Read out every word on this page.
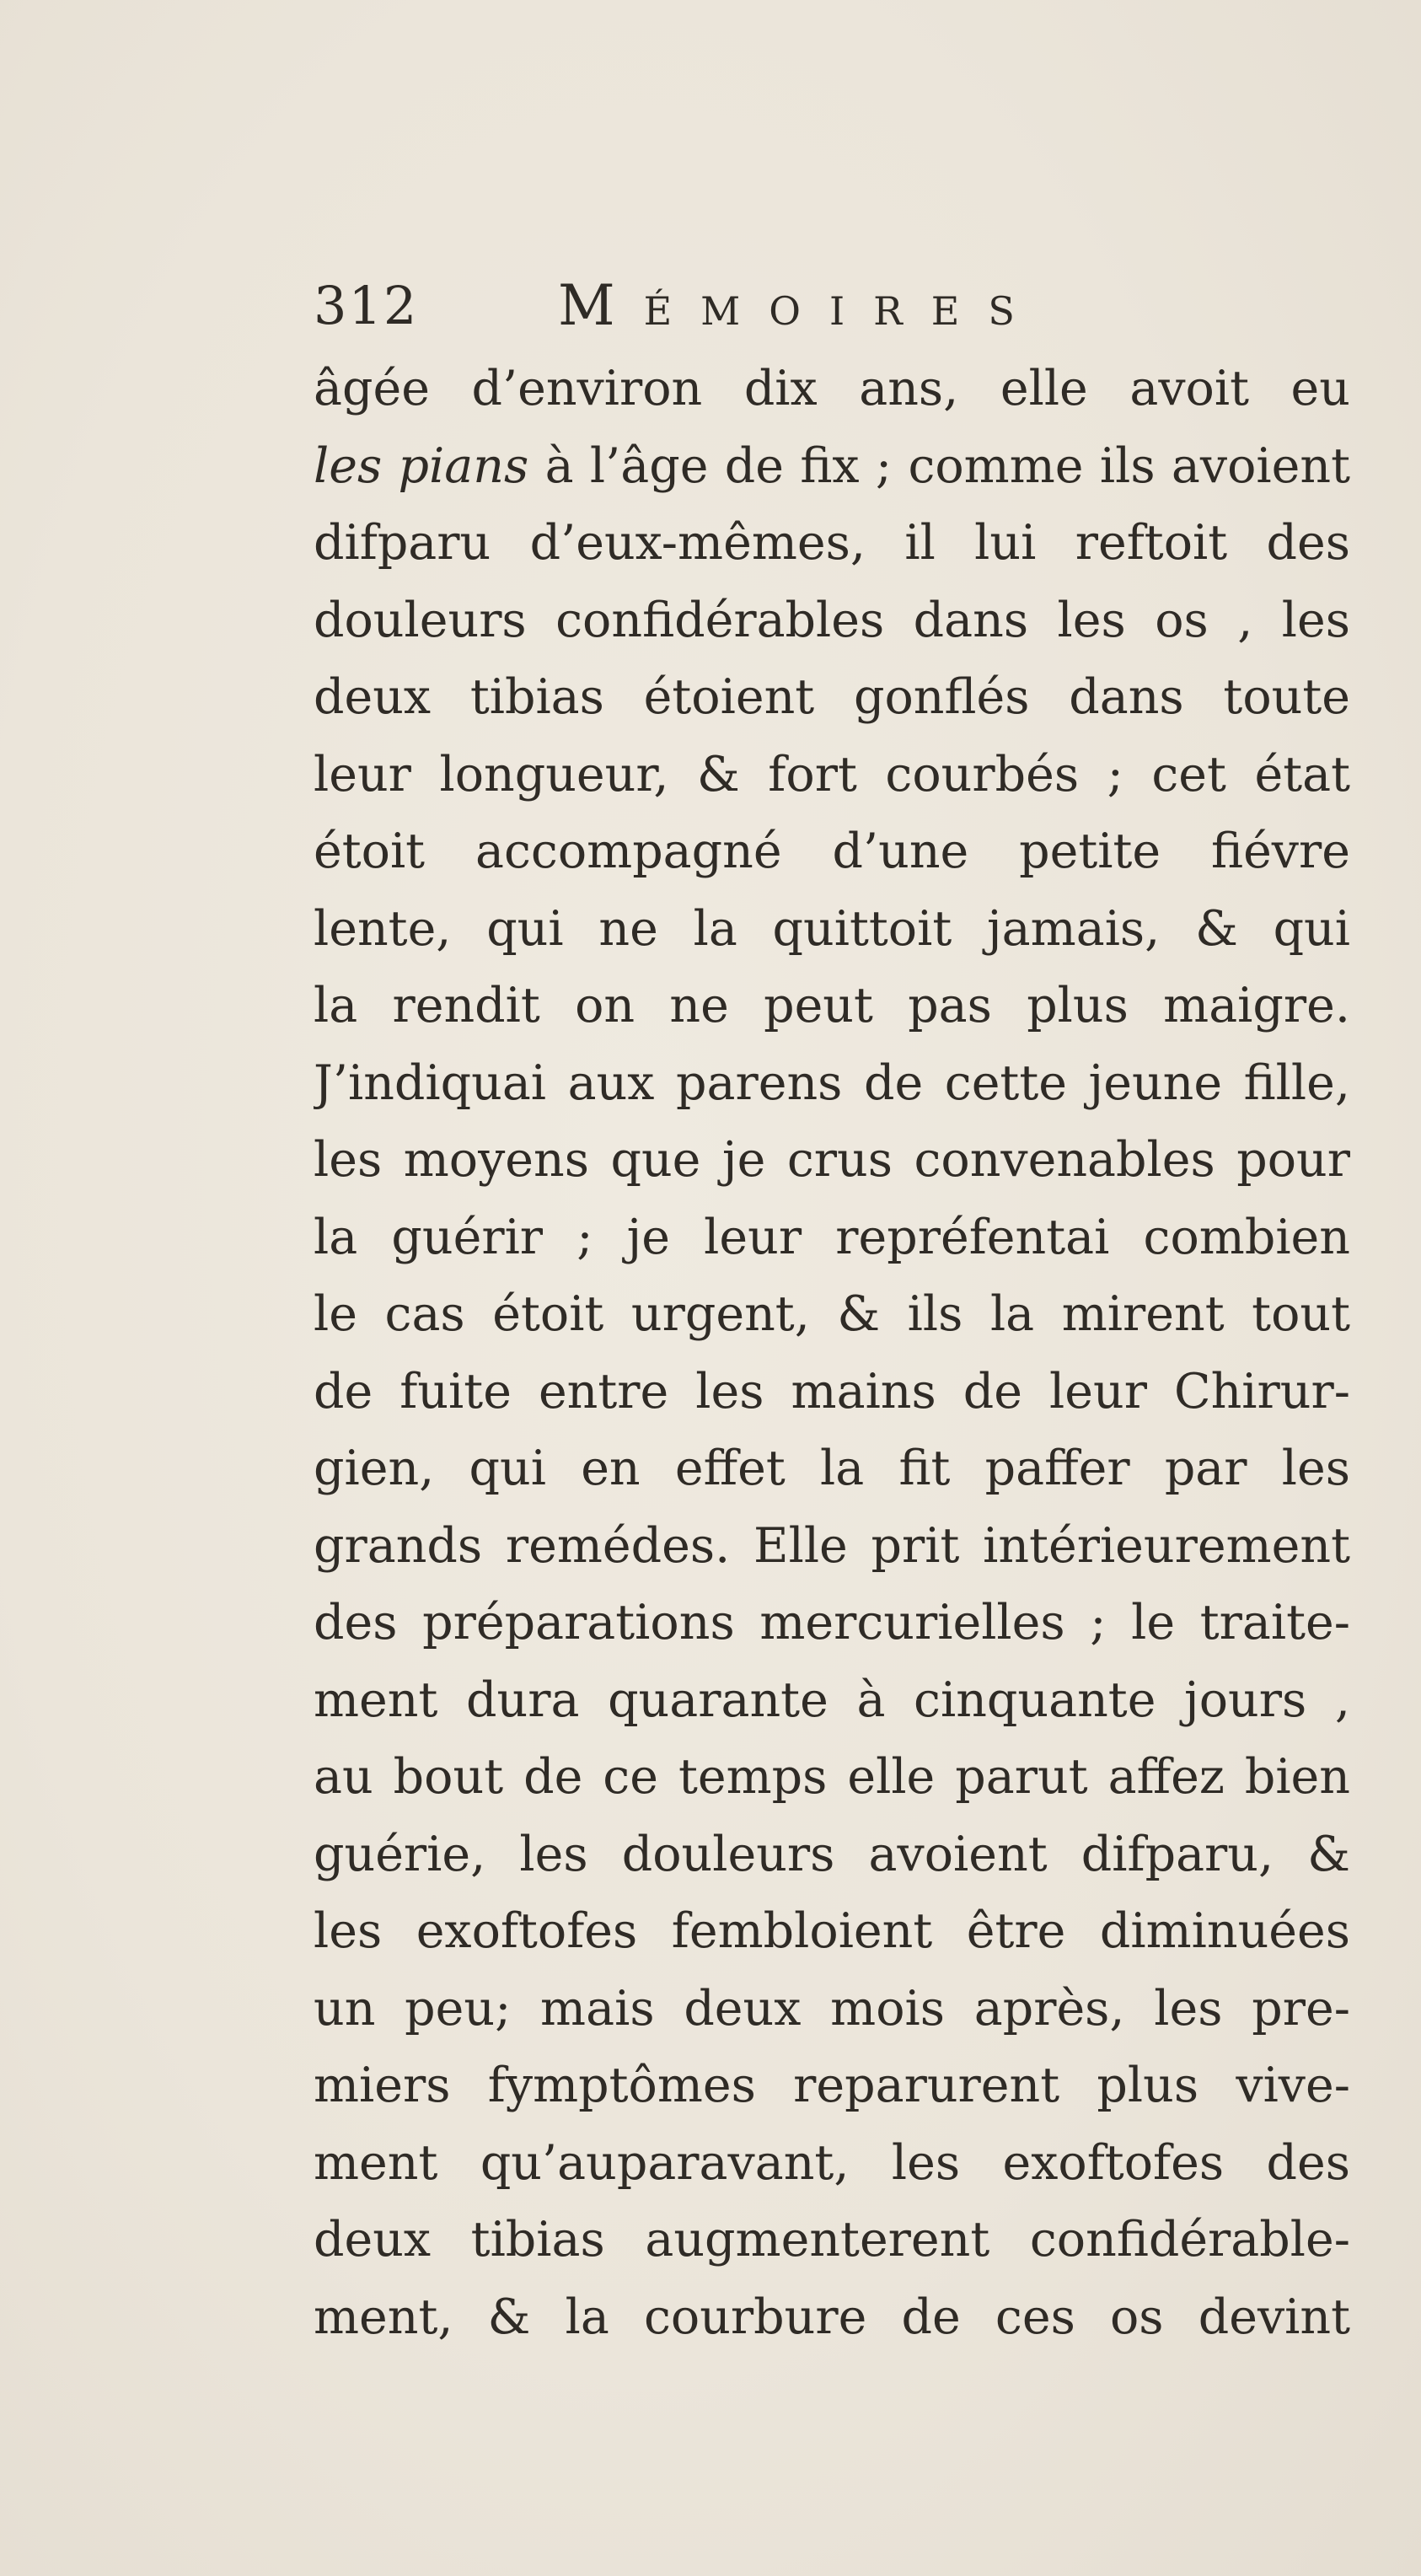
312	Mémoires
âgée d’environ dix ans, elle avoit eu
les pians à l’âge de fix ; comme ils avoient
difparu d’eux-mêmes, il lui reftoit des
douleurs confidérables dans les os , les
deux tibias étoient gonflés dans toute
leur longueur, & fort courbés ; cet état
étoit accompagné d’une petite fiévre
lente, qui ne la quittoit jamais, & qui
la rendit on ne peut pas plus maigre.
J’indiquai aux parens de cette jeune fille,
les moyens que je crus convenables pour
la guérir ; je leur repréfentai combien
le cas étoit urgent, & ils la mirent tout
de fuite entre les mains de leur Chirur-
gien, qui en effet la fit paffer par les
grands remédes. Elle prit intérieurement
des préparations mercurielles ; le traite-
ment dura quarante à cinquante jours ,
au bout de ce temps elle parut affez bien
guérie, les douleurs avoient difparu, &
les exoftofes fembloient être diminuées
un peu; mais deux mois après, les pre-
miers fymptômes reparurent plus vive-
ment qu’auparavant, les exoftofes des
deux tibias augmenterent confidérable-
ment, & la courbure de ces os devint
